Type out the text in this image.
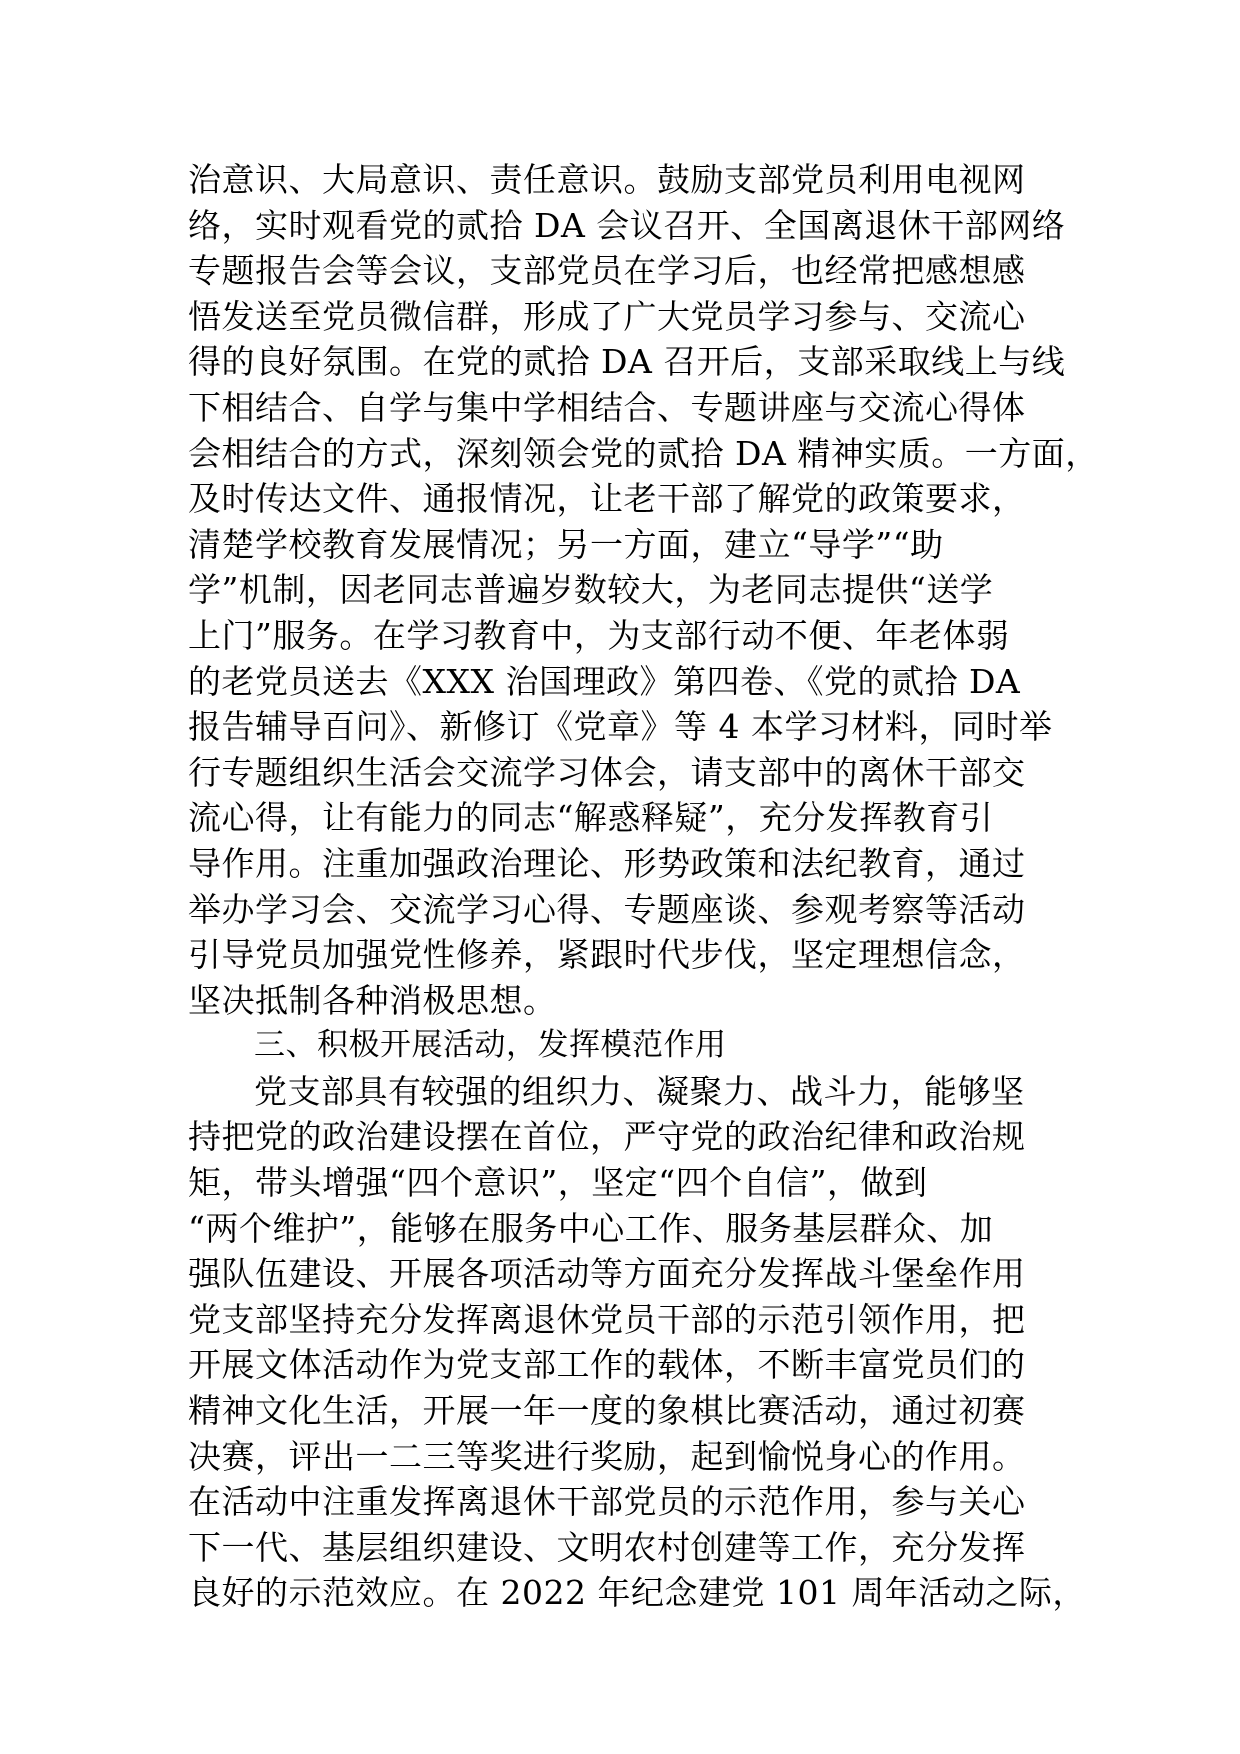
治意识、大局意识、责任意识。鼓励支部党员利用电视网
络，实时观看党的贰拾 DA 会议召开、全国离退休干部网络
专题报告会等会议，支部党员在学习后，也经常把感想感
悟发送至党员微信群，形成了广大党员学习参与、交流心
得的良好氛围。在党的贰拾 DA 召开后，支部采取线上与线
下相结合、自学与集中学相结合、专题讲座与交流心得体
会相结合的方式，深刻领会党的贰拾 DA 精神实质。一方面，
及时传达文件、通报情况，让老干部了解党的政策要求，
清楚学校教育发展情况；另一方面，建立“导学”“助
学”机制，因老同志普遍岁数较大，为老同志提供“送学
上门”服务。在学习教育中，为支部行动不便、年老体弱
的老党员送去《XXX 治国理政》第四卷、《党的贰拾 DA
报告辅导百问》、新修订《党章》等 4 本学习材料，同时举
行专题组织生活会交流学习体会，请支部中的离休干部交
流心得，让有能力的同志“解惑释疑”，充分发挥教育引
导作用。注重加强政治理论、形势政策和法纪教育，通过
举办学习会、交流学习心得、专题座谈、参观考察等活动
引导党员加强党性修养，紧跟时代步伐，坚定理想信念，
坚决抵制各种消极思想。
三、积极开展活动，发挥模范作用
党支部具有较强的组织力、凝聚力、战斗力，能够坚
持把党的政治建设摆在首位，严守党的政治纪律和政治规
矩，带头增强“四个意识”，坚定“四个自信”，做到
“两个维护”，能够在服务中心工作、服务基层群众、加
强队伍建设、开展各项活动等方面充分发挥战斗堡垒作用
党支部坚持充分发挥离退休党员干部的示范引领作用，把
开展文体活动作为党支部工作的载体，不断丰富党员们的
精神文化生活，开展一年一度的象棋比赛活动，通过初赛
决赛，评出一二三等奖进行奖励，起到愉悦身心的作用。
在活动中注重发挥离退休干部党员的示范作用，参与关心
下一代、基层组织建设、文明农村创建等工作，充分发挥
良好的示范效应。在 2022 年纪念建党 101 周年活动之际，
